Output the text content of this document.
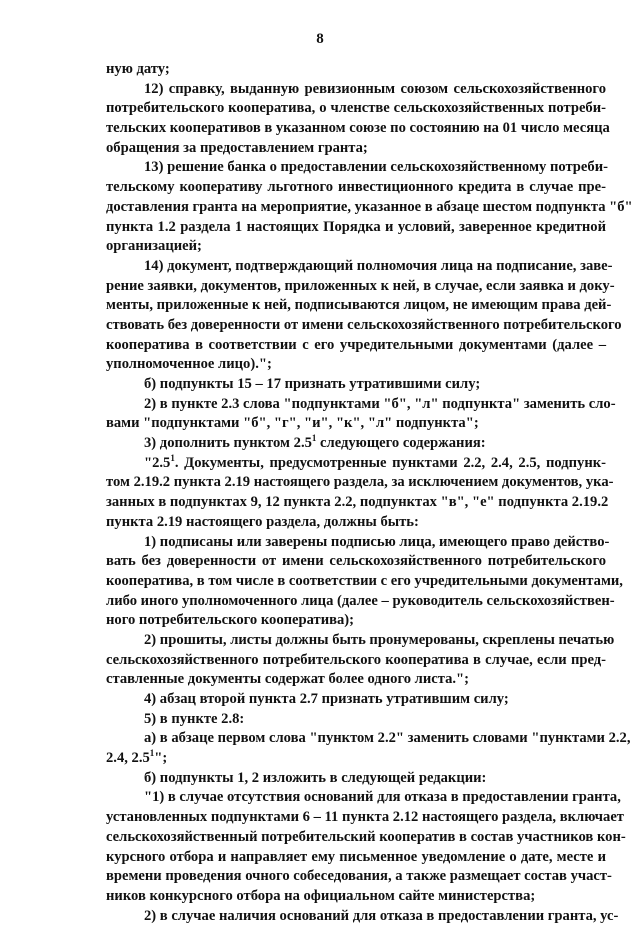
8
ную дату;
12) справку, выданную ревизионным союзом сельскохозяйственного
потребительского кооператива, о членстве сельскохозяйственных потреби-
тельских кооперативов в указанном союзе по состоянию на 01 число месяца
обращения за предоставлением гранта;
13) решение банка о предоставлении сельскохозяйственному потреби-
тельскому кооперативу льготного инвестиционного кредита в случае пре-
доставления гранта на мероприятие, указанное в абзаце шестом подпункта "б"
пункта 1.2 раздела 1 настоящих Порядка и условий, заверенное кредитной
организацией;
14) документ, подтверждающий полномочия лица на подписание, заве-
рение заявки, документов, приложенных к ней, в случае, если заявка и доку-
менты, приложенные к ней, подписываются лицом, не имеющим права дей-
ствовать без доверенности от имени сельскохозяйственного потребительского
кооператива в соответствии с его учредительными документами (далее –
уполномоченное лицо).";
б) подпункты 15 – 17 признать утратившими силу;
2) в пункте 2.3 слова "подпунктами "б", "л" подпункта" заменить сло-
вами "подпунктами "б", "г", "и", "к", "л" подпункта";
3) дополнить пунктом $2.5^1$ следующего содержания:
"$2.5^1$. Документы, предусмотренные пунктами 2.2, 2.4, 2.5, подпунк-
том 2.19.2 пункта 2.19 настоящего раздела, за исключением документов, ука-
занных в подпунктах 9, 12 пункта 2.2, подпунктах "в", "е" подпункта 2.19.2
пункта 2.19 настоящего раздела, должны быть:
1) подписаны или заверены подписью лица, имеющего право действо-
вать без доверенности от имени сельскохозяйственного потребительского
кооператива, в том числе в соответствии с его учредительными документами,
либо иного уполномоченного лица (далее – руководитель сельскохозяйствен-
ного потребительского кооператива);
2) прошиты, листы должны быть пронумерованы, скреплены печатью
сельскохозяйственного потребительского кооператива в случае, если пред-
ставленные документы содержат более одного листа.";
4) абзац второй пункта 2.7 признать утратившим силу;
5) в пункте 2.8:
а) в абзаце первом слова "пунктом 2.2" заменить словами "пунктами 2.2,
2.4, $2.5^1$";
б) подпункты 1, 2 изложить в следующей редакции:
"1) в случае отсутствия оснований для отказа в предоставлении гранта,
установленных подпунктами 6 – 11 пункта 2.12 настоящего раздела, включает
сельскохозяйственный потребительский кооператив в состав участников кон-
курсного отбора и направляет ему письменное уведомление о дате, месте и
времени проведения очного собеседования, а также размещает состав участ-
ников конкурсного отбора на официальном сайте министерства;
2) в случае наличия оснований для отказа в предоставлении гранта, ус-
